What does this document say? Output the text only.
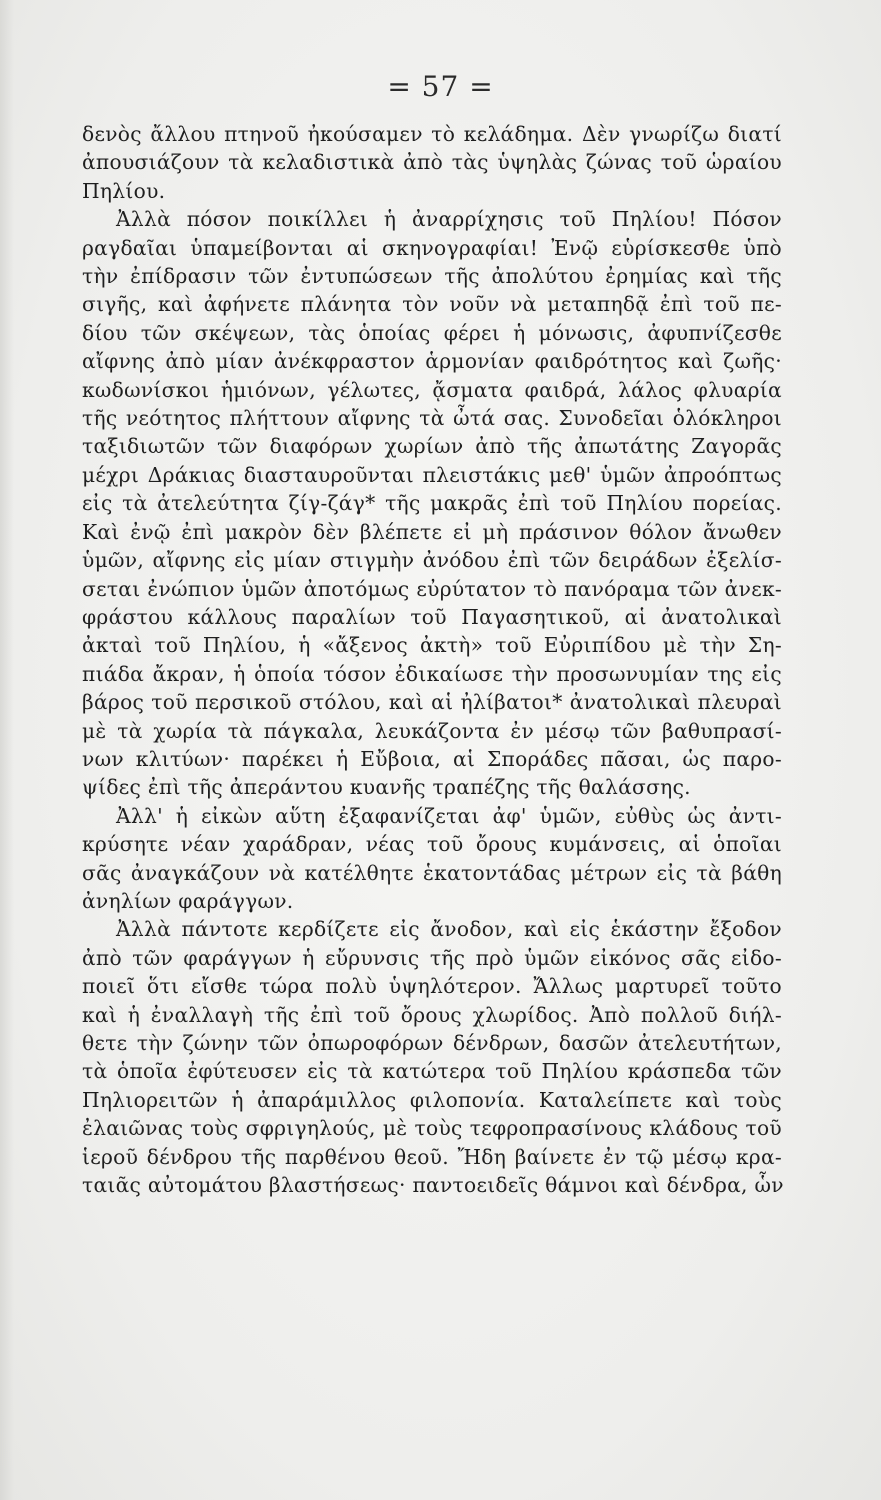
= 57 =
δενὸς ἄλλου πτηνοῦ ἠκούσαμεν τὸ κελάδημα. Δὲν γνωρίζω διατί
ἀπουσιάζουν τὰ κελαδιστικὰ ἀπὸ τὰς ὑψηλὰς ζώνας τοῦ ὡραίου
Πηλίου.
Ἀλλὰ πόσον ποικίλλει ἡ ἀναρρίχησις τοῦ Πηλίου! Πόσον
ραγδαῖαι ὑπαμείβονται αἱ σκηνογραφίαι! Ἐνῷ εὑρίσκεσθε ὑπὸ
τὴν ἐπίδρασιν τῶν ἐντυπώσεων τῆς ἀπολύτου ἐρημίας καὶ τῆς
σιγῆς, καὶ ἀφήνετε πλάνητα τὸν νοῦν νὰ μεταπηδᾷ ἐπὶ τοῦ πε-
δίου τῶν σκέψεων, τὰς ὁποίας φέρει ἡ μόνωσις, ἀφυπνίζεσθε
αἴφνης ἀπὸ μίαν ἀνέκφραστον ἁρμονίαν φαιδρότητος καὶ ζωῆς·
κωδωνίσκοι ἡμιόνων, γέλωτες, ᾄσματα φαιδρά, λάλος φλυαρία
τῆς νεότητος πλήττουν αἴφνης τὰ ὦτά σας. Συνοδεῖαι ὁλόκληροι
ταξιδιωτῶν τῶν διαφόρων χωρίων ἀπὸ τῆς ἀπωτάτης Ζαγορᾶς
μέχρι Δράκιας διασταυροῦνται πλειστάκις μεθ' ὑμῶν ἀπροόπτως
εἰς τὰ ἀτελεύτητα ζίγ-ζάγ* τῆς μακρᾶς ἐπὶ τοῦ Πηλίου πορείας.
Καὶ ἐνῷ ἐπὶ μακρὸν δὲν βλέπετε εἰ μὴ πράσινον θόλον ἄνωθεν
ὑμῶν, αἴφνης εἰς μίαν στιγμὴν ἀνόδου ἐπὶ τῶν δειράδων ἐξελίσ-
σεται ἐνώπιον ὑμῶν ἀποτόμως εὐρύτατον τὸ πανόραμα τῶν ἀνεκ-
φράστου κάλλους παραλίων τοῦ Παγασητικοῦ, αἱ ἀνατολικαὶ
ἀκταὶ τοῦ Πηλίου, ἡ «ἄξενος ἀκτὴ» τοῦ Εὐριπίδου μὲ τὴν Ση-
πιάδα ἄκραν, ἡ ὁποία τόσον ἐδικαίωσε τὴν προσωνυμίαν της εἰς
βάρος τοῦ περσικοῦ στόλου, καὶ αἱ ἠλίβατοι* ἀνατολικαὶ πλευραὶ
μὲ τὰ χωρία τὰ πάγκαλα, λευκάζοντα ἐν μέσῳ τῶν βαθυπρασί-
νων κλιτύων· παρέκει ἡ Εὔβοια, αἱ Σποράδες πᾶσαι, ὡς παρο-
ψίδες ἐπὶ τῆς ἀπεράντου κυανῆς τραπέζης τῆς θαλάσσης.
Ἀλλ' ἡ εἰκὼν αὕτη ἐξαφανίζεται ἀφ' ὑμῶν, εὐθὺς ὡς ἀντι-
κρύσητε νέαν χαράδραν, νέας τοῦ ὄρους κυμάνσεις, αἱ ὁποῖαι
σᾶς ἀναγκάζουν νὰ κατέλθητε ἑκατοντάδας μέτρων εἰς τὰ βάθη
ἀνηλίων φαράγγων.
Ἀλλὰ πάντοτε κερδίζετε εἰς ἄνοδον, καὶ εἰς ἑκάστην ἔξοδον
ἀπὸ τῶν φαράγγων ἡ εὔρυνσις τῆς πρὸ ὑμῶν εἰκόνος σᾶς εἰδο-
ποιεῖ ὅτι εἴσθε τώρα πολὺ ὑψηλότερον. Ἄλλως μαρτυρεῖ τοῦτο
καὶ ἡ ἐναλλαγὴ τῆς ἐπὶ τοῦ ὄρους χλωρίδος. Ἀπὸ πολλοῦ διήλ-
θετε τὴν ζώνην τῶν ὀπωροφόρων δένδρων, δασῶν ἀτελευτήτων,
τὰ ὁποῖα ἐφύτευσεν εἰς τὰ κατώτερα τοῦ Πηλίου κράσπεδα τῶν
Πηλιορειτῶν ἡ ἀπαράμιλλος φιλοπονία. Καταλείπετε καὶ τοὺς
ἐλαιῶνας τοὺς σφριγηλούς, μὲ τοὺς τεφροπρασίνους κλάδους τοῦ
ἱεροῦ δένδρου τῆς παρθένου θεοῦ. Ἤδη βαίνετε ἐν τῷ μέσῳ κρα-
ταιᾶς αὐτομάτου βλαστήσεως· παντοειδεῖς θάμνοι καὶ δένδρα, ὧν
